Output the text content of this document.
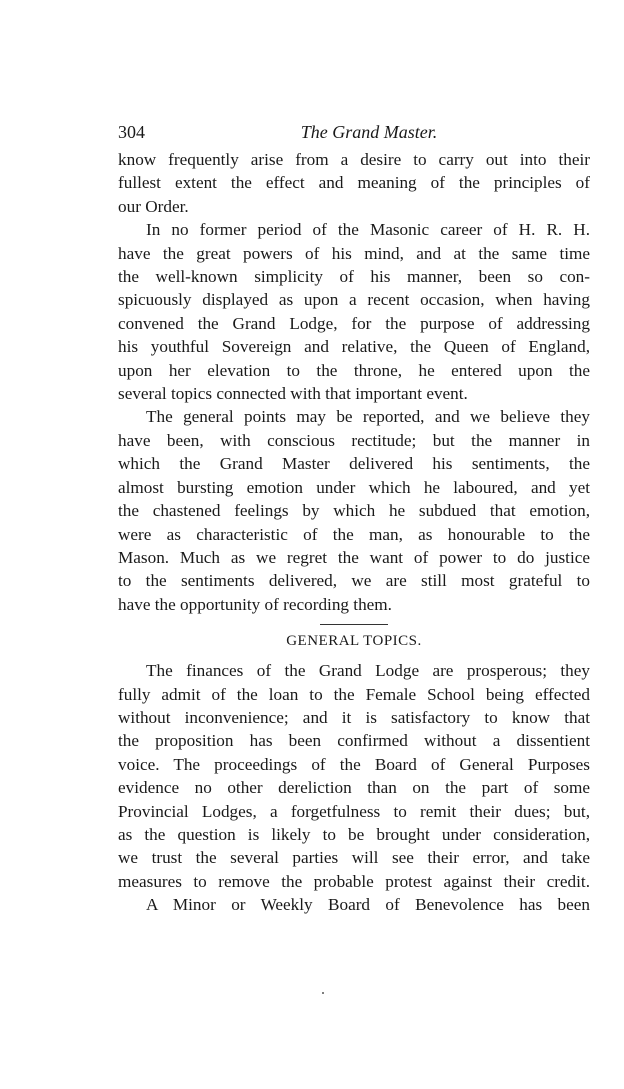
304	The Grand Master.
know frequently arise from a desire to carry out into their
fullest extent the effect and meaning of the principles of
our Order.
In no former period of the Masonic career of H. R. H.
have the great powers of his mind, and at the same time
the well-known simplicity of his manner, been so con-
spicuously displayed as upon a recent occasion, when having
convened the Grand Lodge, for the purpose of addressing
his youthful Sovereign and relative, the Queen of England,
upon her elevation to the throne, he entered upon the
several topics connected with that important event.
The general points may be reported, and we believe they
have been, with conscious rectitude; but the manner in
which the Grand Master delivered his sentiments, the
almost bursting emotion under which he laboured, and yet
the chastened feelings by which he subdued that emotion,
were as characteristic of the man, as honourable to the
Mason. Much as we regret the want of power to do justice
to the sentiments delivered, we are still most grateful to
have the opportunity of recording them.
GENERAL TOPICS.
The finances of the Grand Lodge are prosperous; they
fully admit of the loan to the Female School being effected
without inconvenience; and it is satisfactory to know that
the proposition has been confirmed without a dissentient
voice. The proceedings of the Board of General Purposes
evidence no other dereliction than on the part of some
Provincial Lodges, a forgetfulness to remit their dues; but,
as the question is likely to be brought under consideration,
we trust the several parties will see their error, and take
measures to remove the probable protest against their credit.
A Minor or Weekly Board of Benevolence has been
